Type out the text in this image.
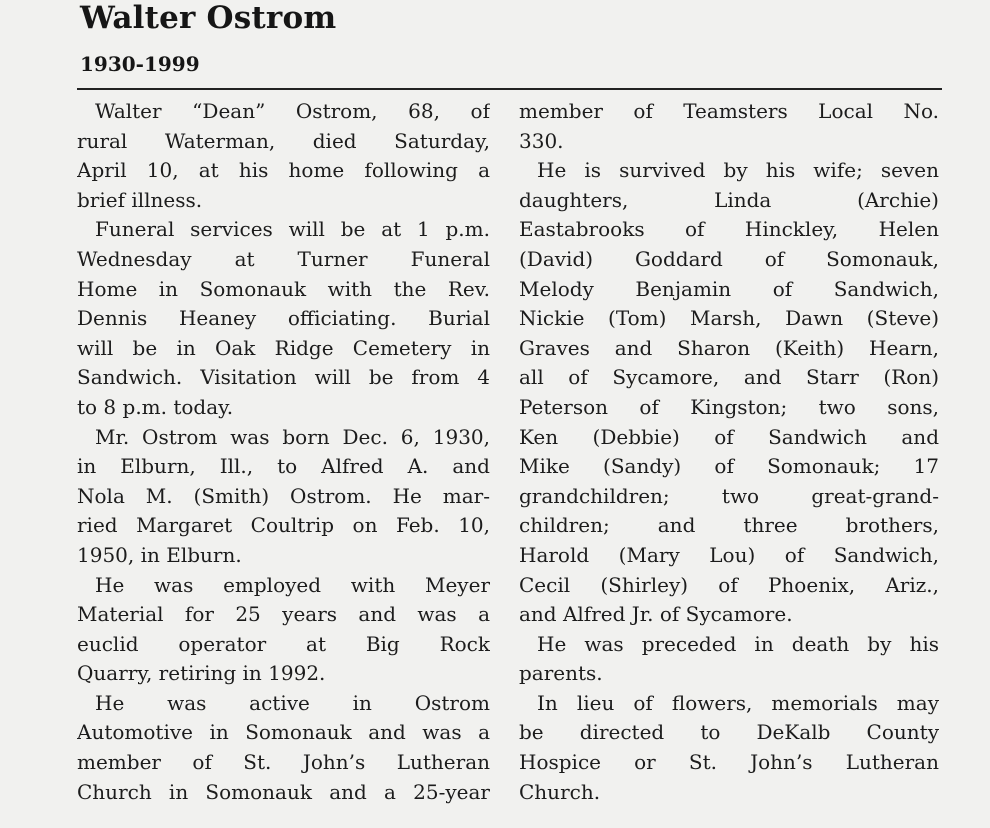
Walter Ostrom
1930-1999
Walter “Dean” Ostrom, 68, of
rural Waterman, died Saturday,
April 10, at his home following a
brief illness.
Funeral services will be at 1 p.m.
Wednesday at Turner Funeral
Home in Somonauk with the Rev.
Dennis Heaney officiating. Burial
will be in Oak Ridge Cemetery in
Sandwich. Visitation will be from 4
to 8 p.m. today.
Mr. Ostrom was born Dec. 6, 1930,
in Elburn, Ill., to Alfred A. and
Nola M. (Smith) Ostrom. He mar-
ried Margaret Coultrip on Feb. 10,
1950, in Elburn.
He was employed with Meyer
Material for 25 years and was a
euclid operator at Big Rock
Quarry, retiring in 1992.
He was active in Ostrom
Automotive in Somonauk and was a
member of St. John’s Lutheran
Church in Somonauk and a 25-year
member of Teamsters Local No.
330.
He is survived by his wife; seven
daughters, Linda (Archie)
Eastabrooks of Hinckley, Helen
(David) Goddard of Somonauk,
Melody Benjamin of Sandwich,
Nickie (Tom) Marsh, Dawn (Steve)
Graves and Sharon (Keith) Hearn,
all of Sycamore, and Starr (Ron)
Peterson of Kingston; two sons,
Ken (Debbie) of Sandwich and
Mike (Sandy) of Somonauk; 17
grandchildren; two great-grand-
children; and three brothers,
Harold (Mary Lou) of Sandwich,
Cecil (Shirley) of Phoenix, Ariz.,
and Alfred Jr. of Sycamore.
He was preceded in death by his
parents.
In lieu of flowers, memorials may
be directed to DeKalb County
Hospice or St. John’s Lutheran
Church.
